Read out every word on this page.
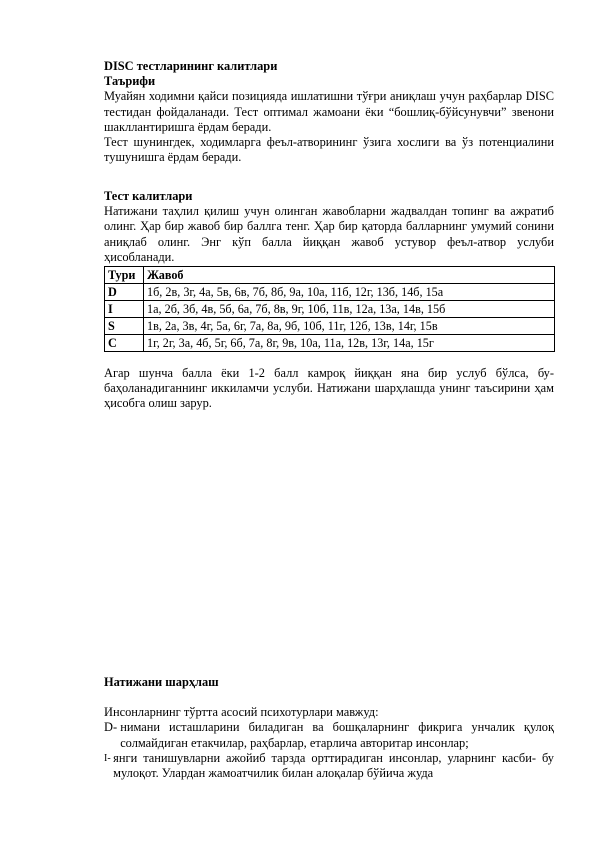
DISC тестларининг калитлари

Таърифи

Муайян ходимни қайси позицияда ишлатишни тўғри аниқлаш учун раҳбарлар DISC тестидан фойдаланади. Тест оптимал жамоани ёки “бошлиқ-бўйсунувчи” звенони шакллантиришга ёрдам беради.

Тест шунингдек, ходимларга феъл-атворининг ўзига хослиги ва ўз потенциалини тушунишга ёрдам беради.

Тест калитлари

Натижани таҳлил қилиш учун олинган жавобларни жадвалдан топинг ва ажратиб олинг. Ҳар бир жавоб бир баллга тенг. Ҳар бир қаторда балларнинг умумий сонини аниқлаб олинг. Энг кўп балла йиққан жавоб устувор феъл-атвор услуби ҳисобланади.

Тури	Жавоб
D	1б, 2в, 3г, 4а, 5в, 6в, 7б, 8б, 9а, 10а, 11б, 12г, 13б, 14б, 15а
I	1а, 2б, 3б, 4в, 5б, 6а, 7б, 8в, 9г, 10б, 11в, 12а, 13а, 14в, 15б
S	1в, 2а, 3в, 4г, 5а, 6г, 7а, 8а, 9б, 10б, 11г, 12б, 13в, 14г, 15в
C	1г, 2г, 3а, 4б, 5г, 6б, 7а, 8г, 9в, 10а, 11а, 12в, 13г, 14а, 15г

Агар шунча балла ёки 1-2 балл камроқ йиққан яна бир услуб бўлса, бу-баҳоланадиганнинг иккиламчи услуби. Натижани шарҳлашда унинг таъсирини ҳам ҳисобга олиш зарур.

Натижани шарҳлаш

Инсонларнинг тўртта асосий психотурлари мавжуд:

D- нимани исташларини биладиган ва бошқаларнинг фикрига унчалик қулоқ солмайдиган етакчилар, раҳбарлар, етарлича авторитар инсонлар;
I- янги танишувларни ажойиб тарзда орттирадиган инсонлар, уларнинг касби- бу мулоқот. Улардан жамоатчилик билан алоқалар бўйича жуда
